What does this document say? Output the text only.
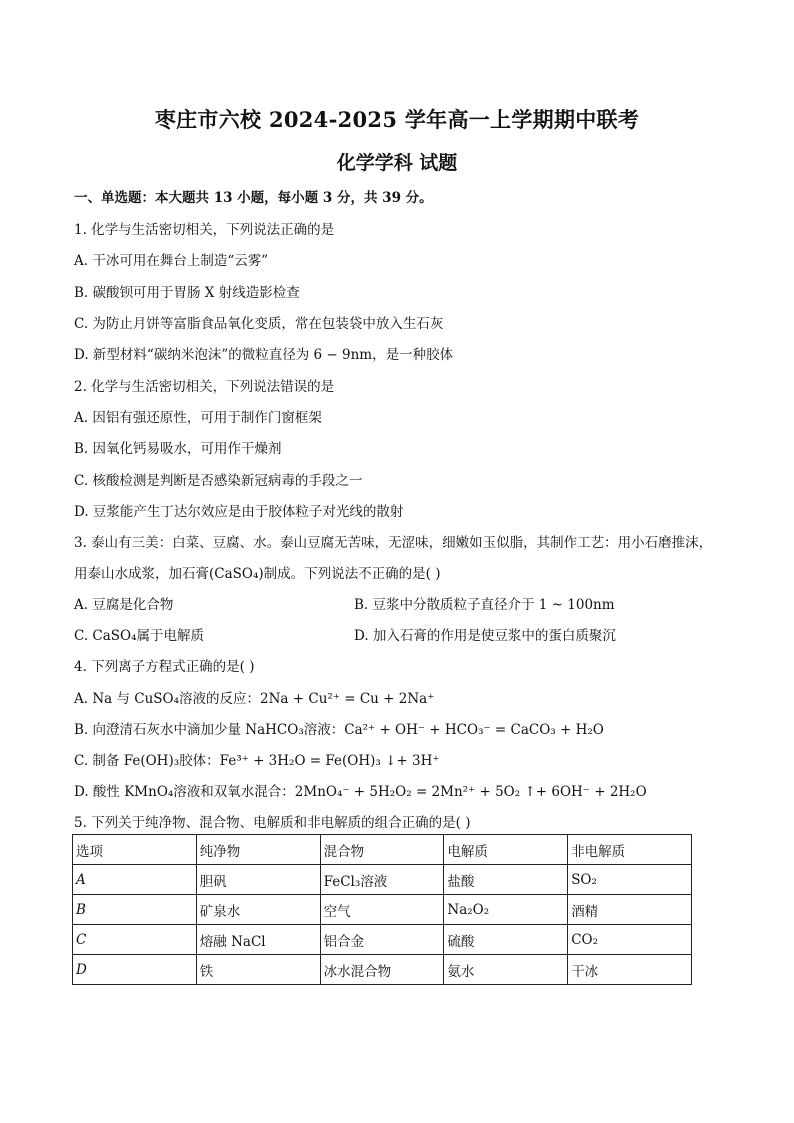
枣庄市六校 2024-2025 学年高一上学期期中联考
化学学科 试题
一、单选题：本大题共 13 小题，每小题 3 分，共 39 分。
1. 化学与生活密切相关，下列说法正确的是
A. 干冰可用在舞台上制造“云雾”
B. 碳酸钡可用于胃肠 X 射线造影检查
C. 为防止月饼等富脂食品氧化变质，常在包装袋中放入生石灰
D. 新型材料“碳纳米泡沫”的微粒直径为 6 − 9nm，是一种胶体
2. 化学与生活密切相关，下列说法错误的是
A. 因铝有强还原性，可用于制作门窗框架
B. 因氧化钙易吸水，可用作干燥剂
C. 核酸检测是判断是否感染新冠病毒的手段之一
D. 豆浆能产生丁达尔效应是由于胶体粒子对光线的散射
3. 泰山有三美：白菜、豆腐、水。泰山豆腐无苦味，无涩味，细嫩如玉似脂，其制作工艺：用小石磨推沫，
用泰山水成浆，加石膏(CaSO₄)制成。下列说法不正确的是( )
A. 豆腐是化合物	B. 豆浆中分散质粒子直径介于 1 ~ 100nm
C. CaSO₄属于电解质	D. 加入石膏的作用是使豆浆中的蛋白质聚沉
4. 下列离子方程式正确的是( )
A. Na 与 CuSO₄溶液的反应：2Na + Cu²⁺ = Cu + 2Na⁺
B. 向澄清石灰水中滴加少量 NaHCO₃溶液：Ca²⁺ + OH⁻ + HCO₃⁻ = CaCO₃ + H₂O
C. 制备 Fe(OH)₃胶体：Fe³⁺ + 3H₂O = Fe(OH)₃ ↓+ 3H⁺
D. 酸性 KMnO₄溶液和双氧水混合：2MnO₄⁻ + 5H₂O₂ = 2Mn²⁺ + 5O₂ ↑+ 6OH⁻ + 2H₂O
5. 下列关于纯净物、混合物、电解质和非电解质的组合正确的是( )
选项	纯净物	混合物	电解质	非电解质
A	胆矾	FeCl₃溶液	盐酸	SO₂
B	矿泉水	空气	Na₂O₂	酒精
C	熔融 NaCl	铝合金	硫酸	CO₂
D	铁	冰水混合物	氨水	干冰
